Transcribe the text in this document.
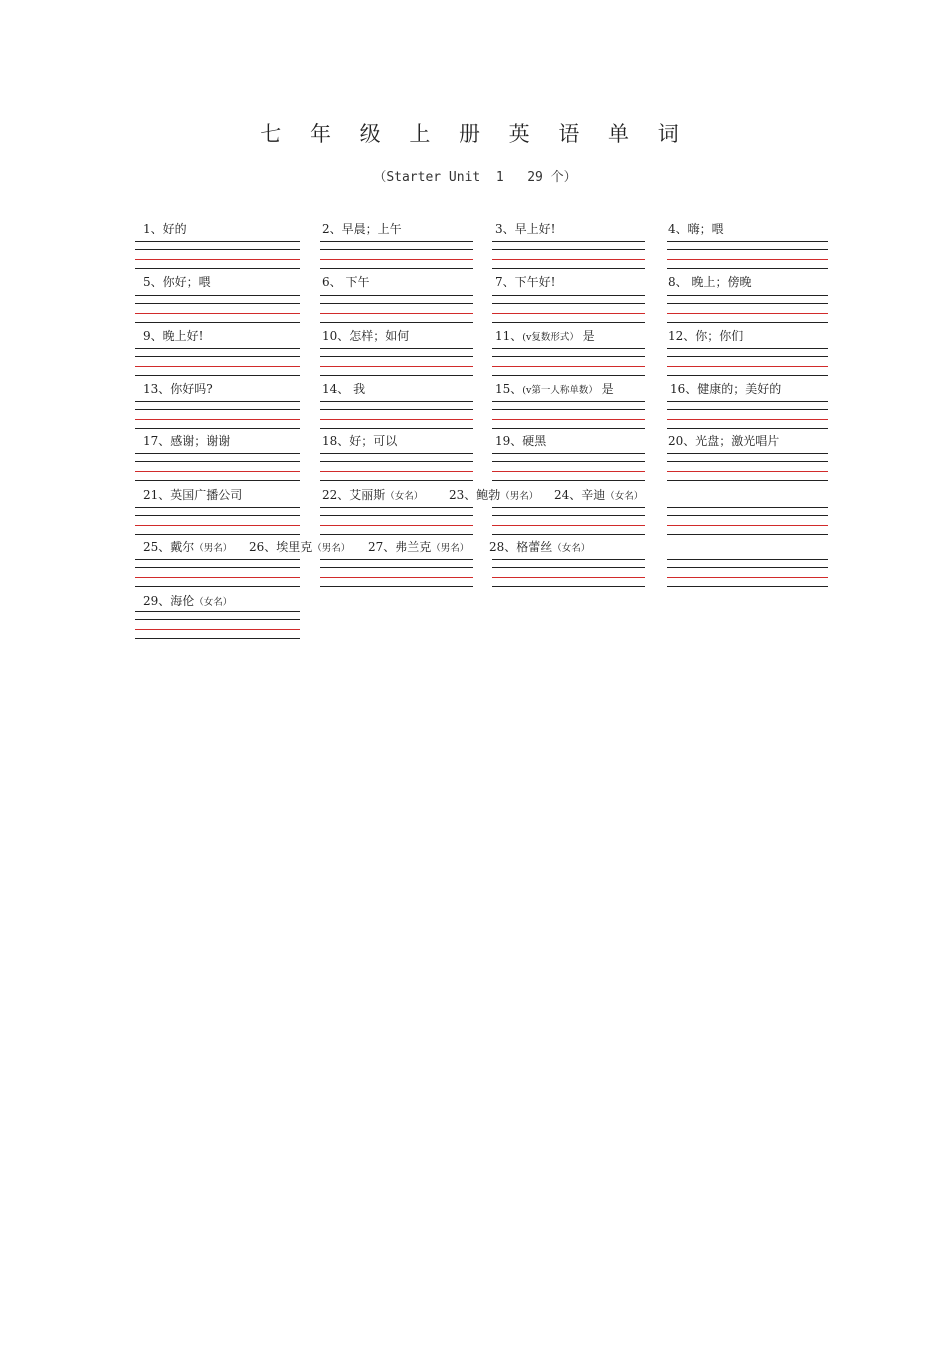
七 年 级 上 册 英 语 单 词
（Starter Unit  1   29 个）
1、好的	2、早晨；上午	3、早上好!	4、嗨；喂
5、你好；喂	6、 下午	7、下午好!	8、 晚上；傍晚
9、晚上好!	10、怎样；如何	11、(v复数形式） 是	12、你；你们
13、你好吗?	14、 我	15、(v第一人称单数） 是	16、健康的；美好的
17、感谢；谢谢	18、好；可以	19、硬黑	20、光盘；激光唱片
21、英国广播公司	22、艾丽斯（女名） 23、鲍勃（男名） 24、辛迪（女名）
25、戴尔（男名） 26、埃里克（男名） 27、弗兰克（男名） 28、格蕾丝（女名）
29、海伦（女名）
